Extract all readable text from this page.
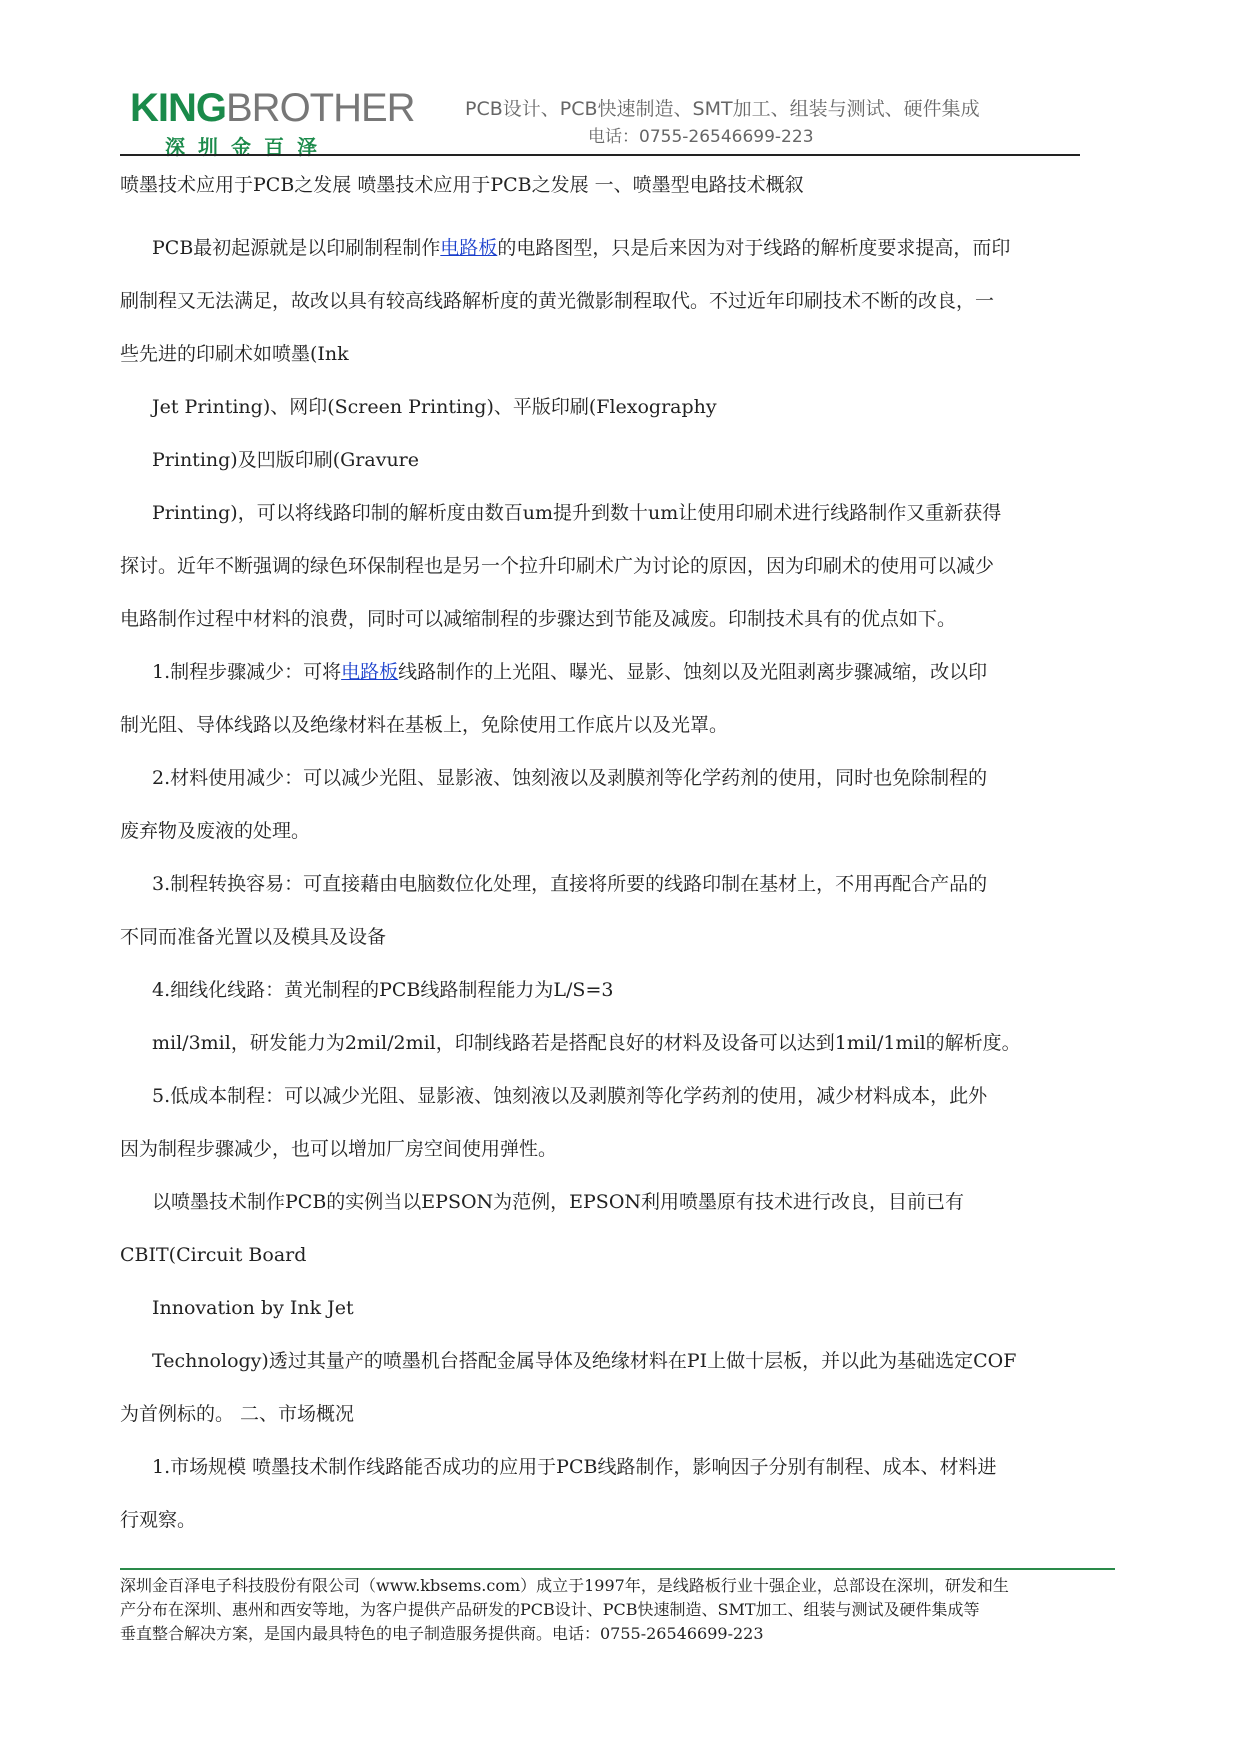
KINGBROTHER
深圳金百泽
PCB设计、PCB快速制造、SMT加工、组装与测试、硬件集成
电话：0755-26546699-223
喷墨技术应用于PCB之发展 喷墨技术应用于PCB之发展 一、喷墨型电路技术概叙

PCB最初起源就是以印刷制程制作电路板的电路图型，只是后来因为对于线路的解析度要求提高，而印

刷制程又无法满足，故改以具有较高线路解析度的黄光微影制程取代。不过近年印刷技术不断的改良，一

些先进的印刷术如喷墨(Ink

Jet Printing)、网印(Screen Printing)、平版印刷(Flexography

Printing)及凹版印刷(Gravure

Printing)，可以将线路印制的解析度由数百um提升到数十um让使用印刷术进行线路制作又重新获得

探讨。近年不断强调的绿色环保制程也是另一个拉升印刷术广为讨论的原因，因为印刷术的使用可以减少

电路制作过程中材料的浪费，同时可以减缩制程的步骤达到节能及减废。印制技术具有的优点如下。

1.制程步骤减少：可将电路板线路制作的上光阻、曝光、显影、蚀刻以及光阻剥离步骤减缩，改以印

制光阻、导体线路以及绝缘材料在基板上，免除使用工作底片以及光罩。

2.材料使用减少：可以减少光阻、显影液、蚀刻液以及剥膜剂等化学药剂的使用，同时也免除制程的

废弃物及废液的处理。

3.制程转换容易：可直接藉由电脑数位化处理，直接将所要的线路印制在基材上，不用再配合产品的

不同而准备光置以及模具及设备

4.细线化线路：黄光制程的PCB线路制程能力为L/S=3

mil/3mil，研发能力为2mil/2mil，印制线路若是搭配良好的材料及设备可以达到1mil/1mil的解析度。

5.低成本制程：可以减少光阻、显影液、蚀刻液以及剥膜剂等化学药剂的使用，减少材料成本，此外

因为制程步骤减少，也可以增加厂房空间使用弹性。

以喷墨技术制作PCB的实例当以EPSON为范例，EPSON利用喷墨原有技术进行改良，目前已有

CBIT(Circuit Board

Innovation by Ink Jet

Technology)透过其量产的喷墨机台搭配金属导体及绝缘材料在PI上做十层板，并以此为基础选定COF

为首例标的。 二、市场概况

1.市场规模 喷墨技术制作线路能否成功的应用于PCB线路制作，影响因子分别有制程、成本、材料进

行观察。

深圳金百泽电子科技股份有限公司（www.kbsems.com）成立于1997年，是线路板行业十强企业，总部设在深圳，研发和生

产分布在深圳、惠州和西安等地，为客户提供产品研发的PCB设计、PCB快速制造、SMT加工、组装与测试及硬件集成等

垂直整合解决方案，是国内最具特色的电子制造服务提供商。电话：0755-26546699-223
